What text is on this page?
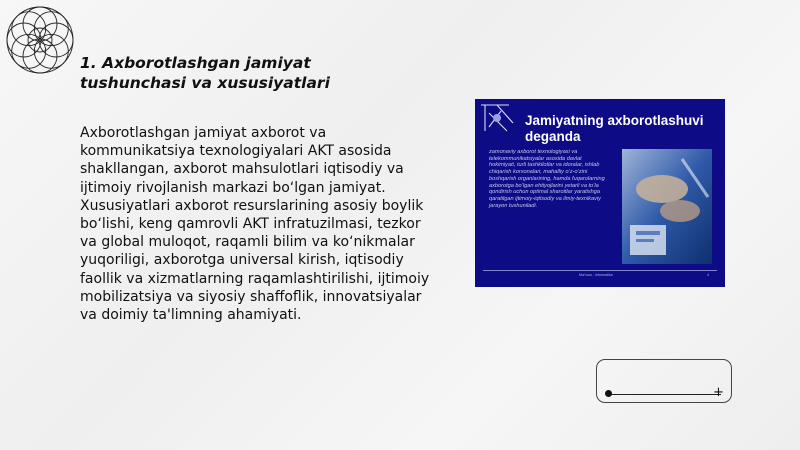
1. Axborotlashgan jamiyat tushunchasi va xususiyatlari

Axborotlashgan jamiyat axborot va kommunikatsiya texnologiyalari AKT asosida shakllangan, axborot mahsulotlari iqtisodiy va ijtimoiy rivojlanish markazi bo‘lgan jamiyat. Xususiyatlari axborot resurslarining asosiy boylik bo‘lishi, keng qamrovli AKT infratuzilmasi, tezkor va global muloqot, raqamli bilim va ko‘nikmalar yuqoriligi, axborotga universal kirish, iqtisodiy faollik va xizmatlarning raqamlashtirilishi, ijtimoiy mobilizatsiya va siyosiy shaffoflik, innovatsiyalar va doimiy ta'limning ahamiyati.

Jamiyatning axborotlashuvi deganda

zamonaviy axborot texnologiyasi va telekommunikatsiyalar asosida davlat hokimiyati, turli tashkilotlar va idoralar, ishlab chiqarish korxonalari, mahalliy o‘z-o‘zini boshqarish organlarining, hamda fuqarolarning axborotga bo‘lgan ehtiyojlarini yetarli va to‘la qondirish uchun optimal sharoitlar yaratishga qaratilgan ijtimoiy-iqtisodiy va ilmiy-texnikaviy jarayon tushuniladi.

Ma'ruza - Informatika	4
+
